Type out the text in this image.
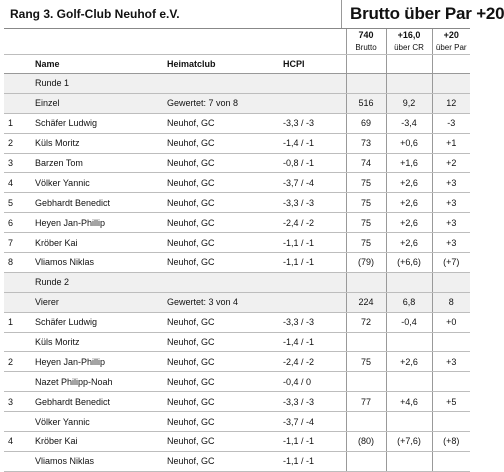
Rang 3. Golf-Club Neuhof e.V.	Brutto über Par +20
				740	+16,0	+20
				Brutto	über CR	über Par
	Name	Heimatclub	HCPI			
	Runde 1					
	Einzel	Gewertet: 7 von 8		516	9,2	12
1	Schäfer Ludwig	Neuhof, GC	-3,3 / -3	69	-3,4	-3
2	Küls Moritz	Neuhof, GC	-1,4 / -1	73	+0,6	+1
3	Barzen Tom	Neuhof, GC	-0,8 / -1	74	+1,6	+2
4	Völker Yannic	Neuhof, GC	-3,7 / -4	75	+2,6	+3
5	Gebhardt Benedict	Neuhof, GC	-3,3 / -3	75	+2,6	+3
6	Heyen Jan-Phillip	Neuhof, GC	-2,4 / -2	75	+2,6	+3
7	Kröber Kai	Neuhof, GC	-1,1 / -1	75	+2,6	+3
8	Vliamos Niklas	Neuhof, GC	-1,1 / -1	(79)	(+6,6)	(+7)
	Runde 2					
	Vierer	Gewertet: 3 von 4		224	6,8	8
1	Schäfer Ludwig	Neuhof, GC	-3,3 / -3	72	-0,4	+0
	Küls Moritz	Neuhof, GC	-1,4 / -1			
2	Heyen Jan-Phillip	Neuhof, GC	-2,4 / -2	75	+2,6	+3
	Nazet Philipp-Noah	Neuhof, GC	-0,4 / 0			
3	Gebhardt Benedict	Neuhof, GC	-3,3 / -3	77	+4,6	+5
	Völker Yannic	Neuhof, GC	-3,7 / -4			
4	Kröber Kai	Neuhof, GC	-1,1 / -1	(80)	(+7,6)	(+8)
	Vliamos Niklas	Neuhof, GC	-1,1 / -1			
